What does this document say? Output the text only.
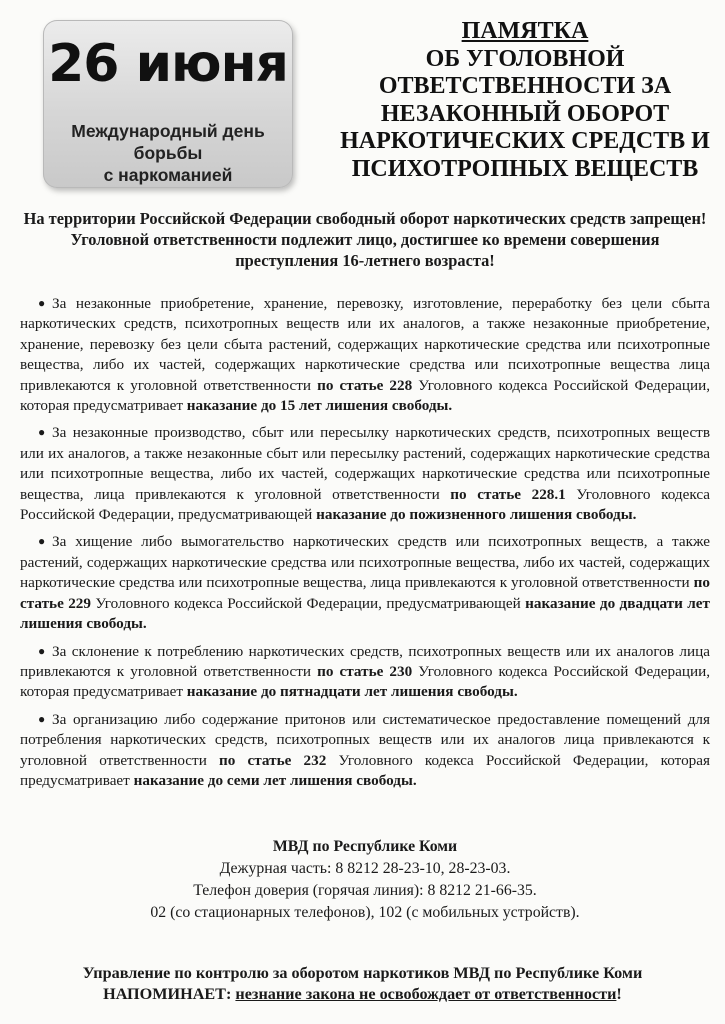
26 июня
Международный день борьбы
с наркоманией
ПАМЯТКА
ОБ УГОЛОВНОЙ
ОТВЕТСТВЕННОСТИ ЗА
НЕЗАКОННЫЙ ОБОРОТ
НАРКОТИЧЕСКИХ СРЕДСТВ И
ПСИХОТРОПНЫХ ВЕЩЕСТВ
На территории Российской Федерации свободный оборот наркотических средств запрещен!
Уголовной ответственности подлежит лицо, достигшее ко времени совершения преступления 16-летнего возраста!

● За незаконные приобретение, хранение, перевозку, изготовление, переработку без цели сбыта наркотических средств, психотропных веществ или их аналогов, а также незаконные приобретение, хранение, перевозку без цели сбыта растений, содержащих наркотические средства или психотропные вещества, либо их частей, содержащих наркотические средства или психотропные вещества лица привлекаются к уголовной ответственности по статье 228 Уголовного кодекса Российской Федерации, которая предусматривает наказание до 15 лет лишения свободы.

● За незаконные производство, сбыт или пересылку наркотических средств, психотропных веществ или их аналогов, а также незаконные сбыт или пересылку растений, содержащих наркотические средства или психотропные вещества, либо их частей, содержащих наркотические средства или психотропные вещества, лица привлекаются к уголовной ответственности по статье 228.1 Уголовного кодекса Российской Федерации, предусматривающей наказание до пожизненного лишения свободы.

● За хищение либо вымогательство наркотических средств или психотропных веществ, а также растений, содержащих наркотические средства или психотропные вещества, либо их частей, содержащих наркотические средства или психотропные вещества, лица привлекаются к уголовной ответственности по статье 229 Уголовного кодекса Российской Федерации, предусматривающей наказание до двадцати лет лишения свободы.

● За склонение к потреблению наркотических средств, психотропных веществ или их аналогов лица привлекаются к уголовной ответственности по статье 230 Уголовного кодекса Российской Федерации, которая предусматривает наказание до пятнадцати лет лишения свободы.

● За организацию либо содержание притонов или систематическое предоставление помещений для потребления наркотических средств, психотропных веществ или их аналогов лица привлекаются к уголовной ответственности по статье 232 Уголовного кодекса Российской Федерации, которая предусматривает наказание до семи лет лишения свободы.

МВД по Республике Коми
Дежурная часть: 8 8212 28-23-10, 28-23-03.
Телефон доверия (горячая линия): 8 8212 21-66-35.
02 (со стационарных телефонов), 102 (с мобильных устройств).
Управление по контролю за оборотом наркотиков МВД по Республике Коми
НАПОМИНАЕТ: незнание закона не освобождает от ответственности!
